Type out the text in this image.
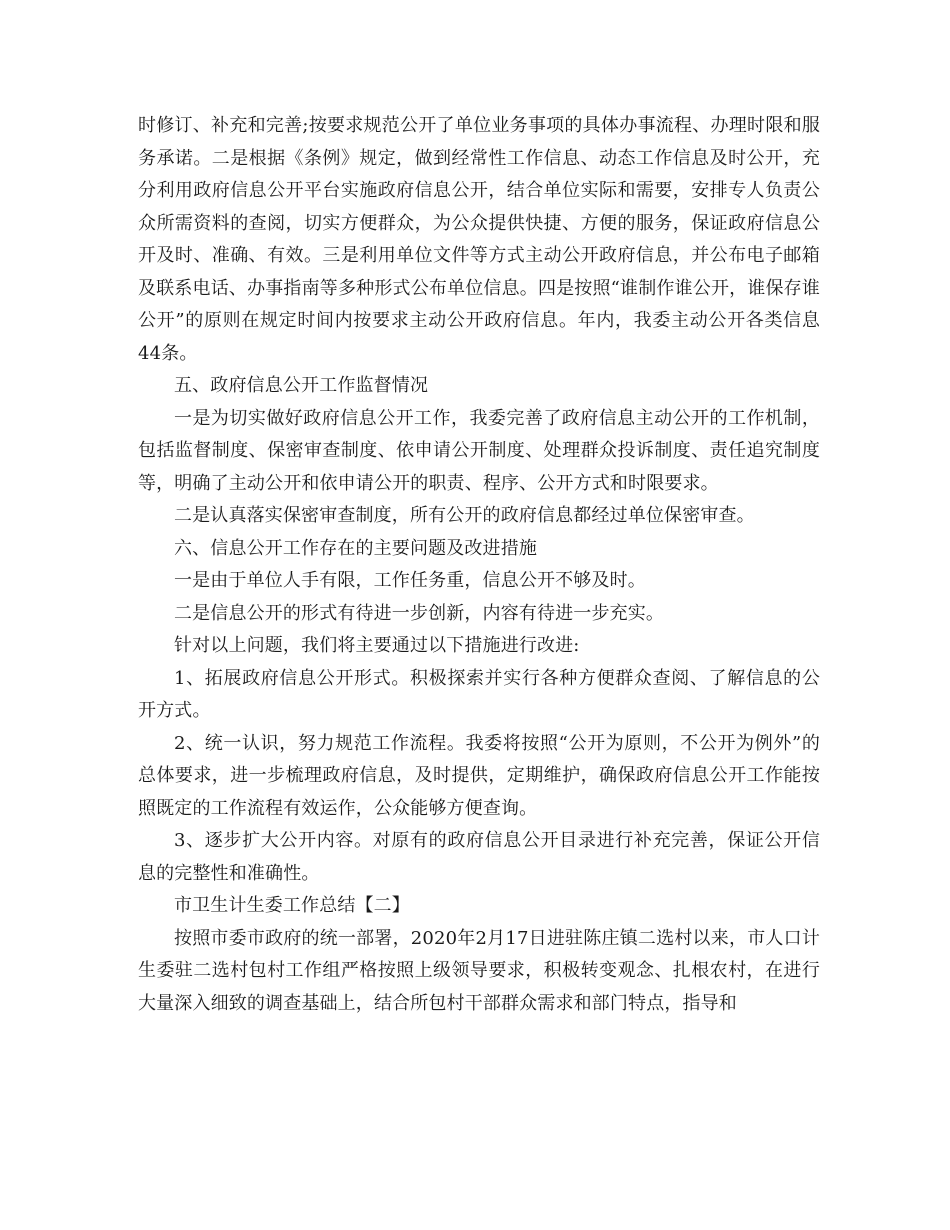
时修订、补充和完善;按要求规范公开了单位业务事项的具体办事流程、办理时限和服务承诺。二是根据《条例》规定，做到经常性工作信息、动态工作信息及时公开，充分利用政府信息公开平台实施政府信息公开，结合单位实际和需要，安排专人负责公众所需资料的查阅，切实方便群众，为公众提供快捷、方便的服务，保证政府信息公开及时、准确、有效。三是利用单位文件等方式主动公开政府信息，并公布电子邮箱及联系电话、办事指南等多种形式公布单位信息。四是按照“谁制作谁公开，谁保存谁公开”的原则在规定时间内按要求主动公开政府信息。年内，我委主动公开各类信息44条。

五、政府信息公开工作监督情况

一是为切实做好政府信息公开工作，我委完善了政府信息主动公开的工作机制，包括监督制度、保密审查制度、依申请公开制度、处理群众投诉制度、责任追究制度等，明确了主动公开和依申请公开的职责、程序、公开方式和时限要求。

二是认真落实保密审查制度，所有公开的政府信息都经过单位保密审查。

六、信息公开工作存在的主要问题及改进措施

一是由于单位人手有限，工作任务重，信息公开不够及时。

二是信息公开的形式有待进一步创新，内容有待进一步充实。

针对以上问题，我们将主要通过以下措施进行改进:

1、拓展政府信息公开形式。积极探索并实行各种方便群众查阅、了解信息的公开方式。

2、统一认识，努力规范工作流程。我委将按照“公开为原则，不公开为例外”的总体要求，进一步梳理政府信息，及时提供，定期维护，确保政府信息公开工作能按照既定的工作流程有效运作，公众能够方便查询。

3、逐步扩大公开内容。对原有的政府信息公开目录进行补充完善，保证公开信息的完整性和准确性。

市卫生计生委工作总结【二】

按照市委市政府的统一部署，2020年2月17日进驻陈庄镇二选村以来，市人口计生委驻二选村包村工作组严格按照上级领导要求，积极转变观念、扎根农村，在进行大量深入细致的调查基础上，结合所包村干部群众需求和部门特点，指导和
